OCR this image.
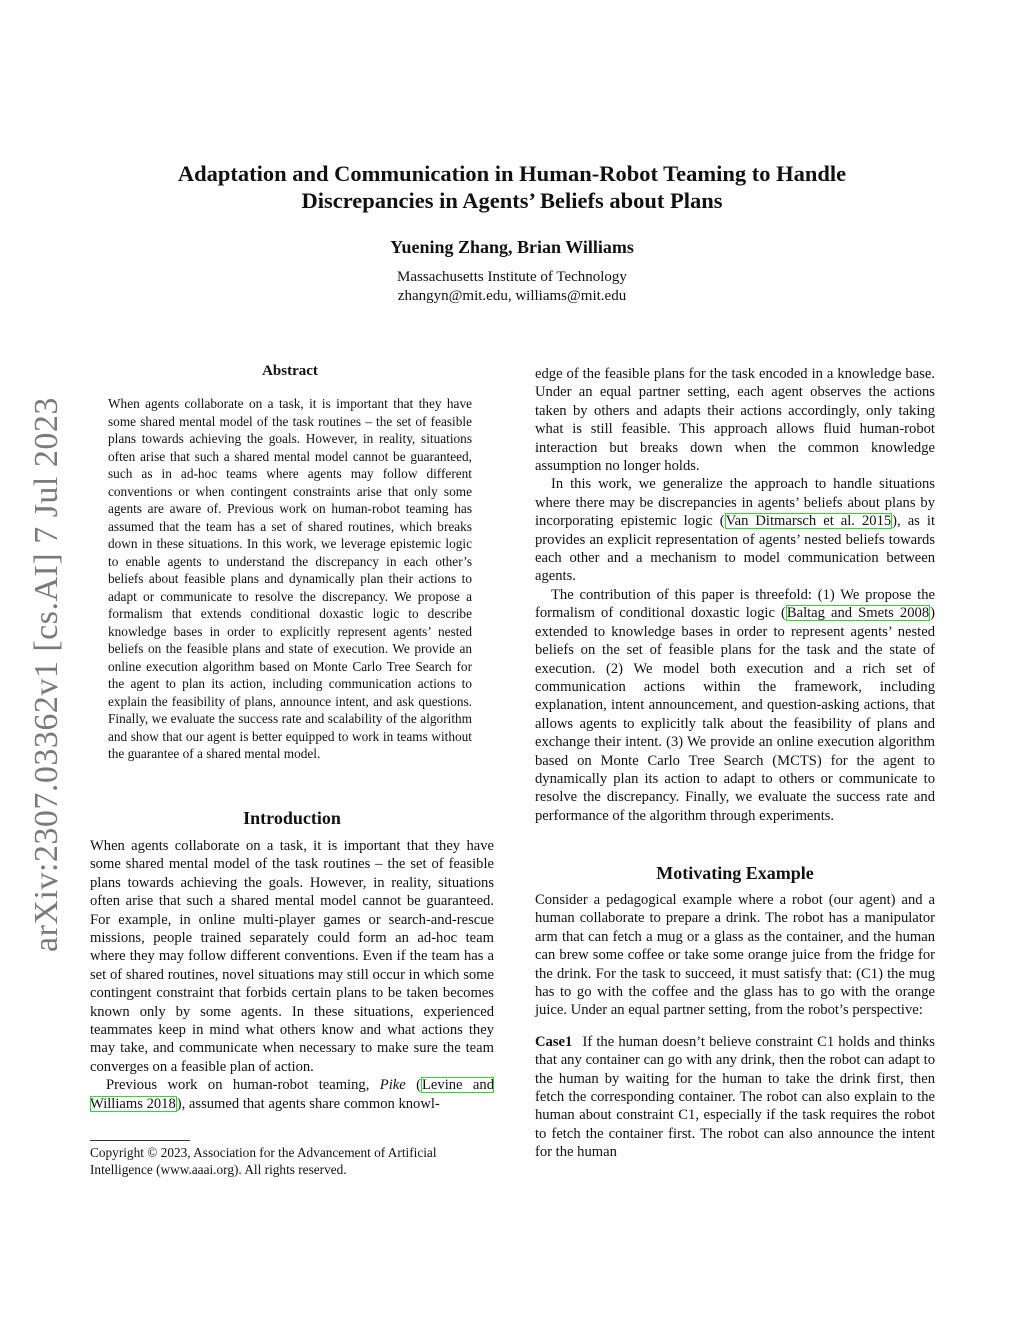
arXiv:2307.03362v1 [cs.AI] 7 Jul 2023
Adaptation and Communication in Human-Robot Teaming to Handle
Discrepancies in Agents’ Beliefs about Plans
Yuening Zhang, Brian Williams
Massachusetts Institute of Technology
zhangyn@mit.edu, williams@mit.edu
Abstract
When agents collaborate on a task, it is important that they have some shared mental model of the task routines – the set of feasible plans towards achieving the goals. However, in reality, situations often arise that such a shared mental model cannot be guaranteed, such as in ad-hoc teams where agents may follow different conventions or when contingent constraints arise that only some agents are aware of. Previous work on human-robot teaming has assumed that the team has a set of shared routines, which breaks down in these situations. In this work, we leverage epistemic logic to enable agents to understand the discrepancy in each other’s beliefs about feasible plans and dynamically plan their actions to adapt or communicate to resolve the discrepancy. We propose a formalism that extends conditional doxastic logic to describe knowledge bases in order to explicitly represent agents’ nested beliefs on the feasible plans and state of execution. We provide an online execution algorithm based on Monte Carlo Tree Search for the agent to plan its action, including communication actions to explain the feasibility of plans, announce intent, and ask questions. Finally, we evaluate the success rate and scalability of the algorithm and show that our agent is better equipped to work in teams without the guarantee of a shared mental model.
Introduction

When agents collaborate on a task, it is important that they have some shared mental model of the task routines – the set of feasible plans towards achieving the goals. However, in reality, situations often arise that such a shared mental model cannot be guaranteed. For example, in online multi-player games or search-and-rescue missions, people trained separately could form an ad-hoc team where they may follow different conventions. Even if the team has a set of shared routines, novel situations may still occur in which some contingent constraint that forbids certain plans to be taken becomes known only by some agents. In these situations, experienced teammates keep in mind what others know and what actions they may take, and communicate when necessary to make sure the team converges on a feasible plan of action.

Previous work on human-robot teaming, Pike (Levine and Williams 2018), assumed that agents share common knowl-

Copyright © 2023, Association for the Advancement of Artificial Intelligence (www.aaai.org). All rights reserved.

edge of the feasible plans for the task encoded in a knowledge base. Under an equal partner setting, each agent observes the actions taken by others and adapts their actions accordingly, only taking what is still feasible. This approach allows fluid human-robot interaction but breaks down when the common knowledge assumption no longer holds.

In this work, we generalize the approach to handle situations where there may be discrepancies in agents’ beliefs about plans by incorporating epistemic logic (Van Ditmarsch et al. 2015), as it provides an explicit representation of agents’ nested beliefs towards each other and a mechanism to model communication between agents.

The contribution of this paper is threefold: (1) We propose the formalism of conditional doxastic logic (Baltag and Smets 2008) extended to knowledge bases in order to represent agents’ nested beliefs on the set of feasible plans for the task and the state of execution. (2) We model both execution and a rich set of communication actions within the framework, including explanation, intent announcement, and question-asking actions, that allows agents to explicitly talk about the feasibility of plans and exchange their intent. (3) We provide an online execution algorithm based on Monte Carlo Tree Search (MCTS) for the agent to dynamically plan its action to adapt to others or communicate to resolve the discrepancy. Finally, we evaluate the success rate and performance of the algorithm through experiments.

Motivating Example

Consider a pedagogical example where a robot (our agent) and a human collaborate to prepare a drink. The robot has a manipulator arm that can fetch a mug or a glass as the container, and the human can brew some coffee or take some orange juice from the fridge for the drink. For the task to succeed, it must satisfy that: (C1) the mug has to go with the coffee and the glass has to go with the orange juice. Under an equal partner setting, from the robot’s perspective:

Case1 If the human doesn’t believe constraint C1 holds and thinks that any container can go with any drink, then the robot can adapt to the human by waiting for the human to take the drink first, then fetch the corresponding container. The robot can also explain to the human about constraint C1, especially if the task requires the robot to fetch the container first. The robot can also announce the intent for the human
